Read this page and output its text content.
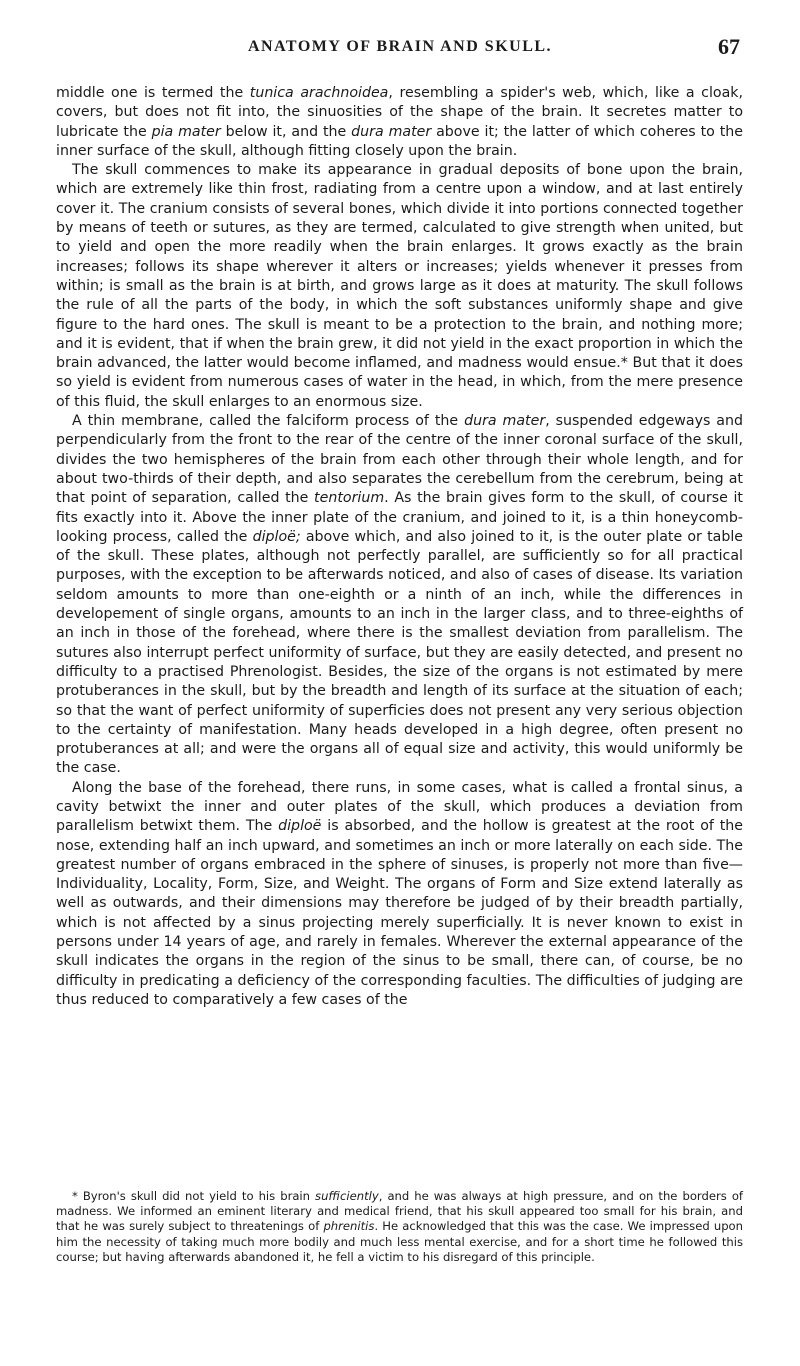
ANATOMY OF BRAIN AND SKULL.	67

middle one is termed the tunica arachnoidea, resembling a spider's web, which, like a cloak, covers, but does not fit into, the sinuosities of the shape of the brain. It secretes matter to lubricate the pia mater below it, and the dura mater above it; the latter of which coheres to the inner surface of the skull, although fitting closely upon the brain.

The skull commences to make its appearance in gradual deposits of bone upon the brain, which are extremely like thin frost, radiating from a centre upon a window, and at last entirely cover it. The cranium consists of several bones, which divide it into portions connected together by means of teeth or sutures, as they are termed, calculated to give strength when united, but to yield and open the more readily when the brain enlarges. It grows exactly as the brain increases; follows its shape wherever it alters or increases; yields whenever it presses from within; is small as the brain is at birth, and grows large as it does at maturity. The skull follows the rule of all the parts of the body, in which the soft substances uniformly shape and give figure to the hard ones. The skull is meant to be a protection to the brain, and nothing more; and it is evident, that if when the brain grew, it did not yield in the exact proportion in which the brain advanced, the latter would become inflamed, and madness would ensue.* But that it does so yield is evident from numerous cases of water in the head, in which, from the mere presence of this fluid, the skull enlarges to an enormous size.

A thin membrane, called the falciform process of the dura mater, suspended edgeways and perpendicularly from the front to the rear of the centre of the inner coronal surface of the skull, divides the two hemispheres of the brain from each other through their whole length, and for about two-thirds of their depth, and also separates the cerebellum from the cerebrum, being at that point of separation, called the tentorium. As the brain gives form to the skull, of course it fits exactly into it. Above the inner plate of the cranium, and joined to it, is a thin honeycomb-looking process, called the diploë; above which, and also joined to it, is the outer plate or table of the skull. These plates, although not perfectly parallel, are sufficiently so for all practical purposes, with the exception to be afterwards noticed, and also of cases of disease. Its variation seldom amounts to more than one-eighth or a ninth of an inch, while the differences in developement of single organs, amounts to an inch in the larger class, and to three-eighths of an inch in those of the forehead, where there is the smallest deviation from parallelism. The sutures also interrupt perfect uniformity of surface, but they are easily detected, and present no difficulty to a practised Phrenologist. Besides, the size of the organs is not estimated by mere protuberances in the skull, but by the breadth and length of its surface at the situation of each; so that the want of perfect uniformity of superficies does not present any very serious objection to the certainty of manifestation. Many heads developed in a high degree, often present no protuberances at all; and were the organs all of equal size and activity, this would uniformly be the case.

Along the base of the forehead, there runs, in some cases, what is called a frontal sinus, a cavity betwixt the inner and outer plates of the skull, which produces a deviation from parallelism betwixt them. The diploë is absorbed, and the hollow is greatest at the root of the nose, extending half an inch upward, and sometimes an inch or more laterally on each side. The greatest number of organs embraced in the sphere of sinuses, is properly not more than five—Individuality, Locality, Form, Size, and Weight. The organs of Form and Size extend laterally as well as outwards, and their dimensions may therefore be judged of by their breadth partially, which is not affected by a sinus projecting merely superficially. It is never known to exist in persons under 14 years of age, and rarely in females. Wherever the external appearance of the skull indicates the organs in the region of the sinus to be small, there can, of course, be no difficulty in predicating a deficiency of the corresponding faculties. The difficulties of judging are thus reduced to comparatively a few cases of the

* Byron's skull did not yield to his brain sufficiently, and he was always at high pressure, and on the borders of madness. We informed an eminent literary and medical friend, that his skull appeared too small for his brain, and that he was surely subject to threatenings of phrenitis. He acknowledged that this was the case. We impressed upon him the necessity of taking much more bodily and much less mental exercise, and for a short time he followed this course; but having afterwards abandoned it, he fell a victim to his disregard of this principle.
